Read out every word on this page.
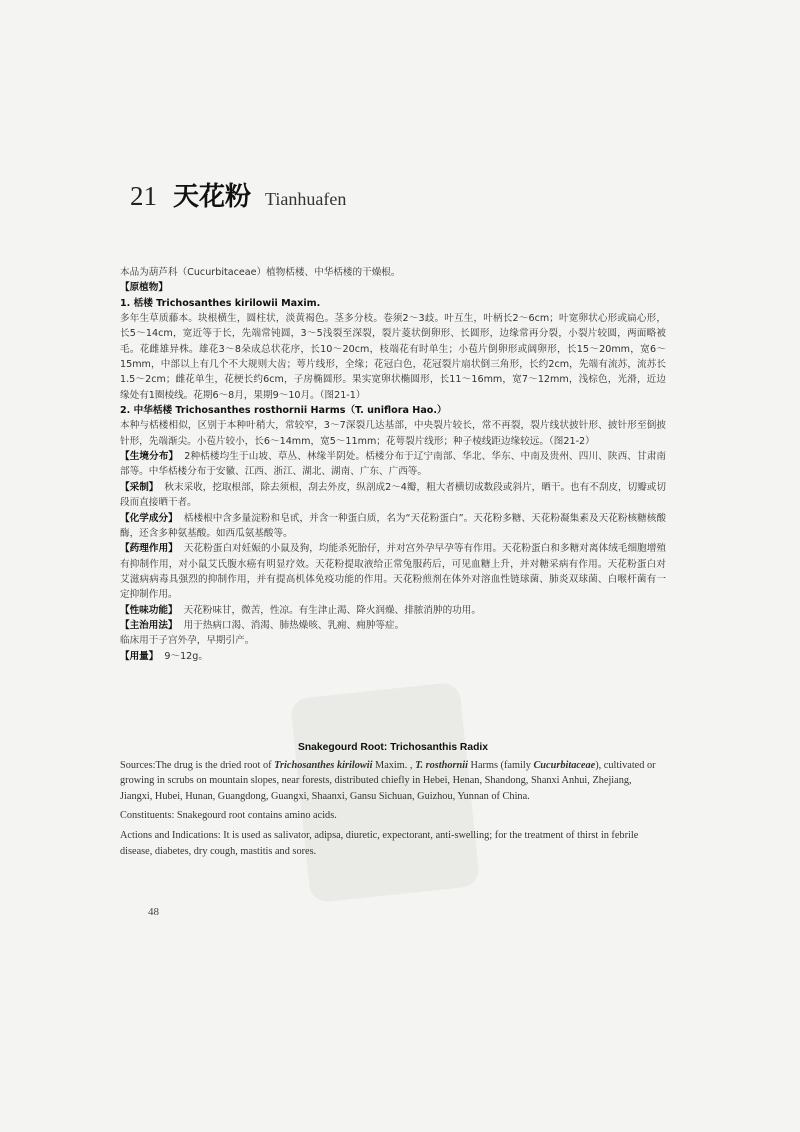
21 天花粉 Tianhuafen

本品为葫芦科（Cucurbitaceae）植物栝楼、中华栝楼的干燥根。

【原植物】

1. 栝楼 Trichosanthes kirilowii Maxim.

多年生草质藤本。块根横生，圆柱状，淡黄褐色。茎多分枝。卷须2～3歧。叶互生，叶柄长2～6cm；叶宽卵状心形或扁心形，长5～14cm，宽近等于长，先端常钝圆，3～5浅裂至深裂，裂片菱状倒卵形、长圆形，边缘常再分裂，小裂片较圆，两面略被毛。花雌雄异株。雄花3～8朵成总状花序，长10～20cm，枝端花有时单生；小苞片倒卵形或阔卵形，长15～20mm，宽6～15mm，中部以上有几个不大规则大齿；萼片线形，全缘；花冠白色，花冠裂片扇状倒三角形，长约2cm，先端有流苏，流苏长1.5～2cm；雌花单生，花梗长约6cm，子房椭圆形。果实宽卵状椭圆形，长11～16mm，宽7～12mm，浅棕色，光滑，近边缘处有1圈棱线。花期6～8月，果期9～10月。（图21-1）

2. 中华栝楼 Trichosanthes rosthornii Harms（T. uniflora Hao.）

本种与栝楼相似，区别于本种叶稍大，常较窄，3～7深裂几达基部，中央裂片较长，常不再裂，裂片线状披针形、披针形至倒披针形，先端渐尖。小苞片较小，长6～14mm，宽5～11mm；花萼裂片线形；种子棱线距边缘较远。（图21-2）

【生境分布】 2种栝楼均生于山坡、草丛、林缘半阴处。栝楼分布于辽宁南部、华北、华东、中南及贵州、四川、陕西、甘肃南部等。中华栝楼分布于安徽、江西、浙江、湖北、湖南、广东、广西等。

【采制】 秋末采收，挖取根部，除去须根，刮去外皮，纵剖成2～4瓣，粗大者横切成数段或斜片，晒干。也有不刮皮，切瓣或切段而直接晒干者。

【化学成分】 栝楼根中含多量淀粉和皂甙，并含一种蛋白质，名为“天花粉蛋白”。天花粉多糖、天花粉凝集素及天花粉核糖核酸酶，还含多种氨基酸。如西瓜氨基酸等。

【药理作用】 天花粉蛋白对妊娠的小鼠及狗，均能杀死胎仔，并对宫外孕早孕等有作用。天花粉蛋白和多糖对离体绒毛细胞增殖有抑制作用，对小鼠艾氏腹水癌有明显疗效。天花粉提取液给正常兔服药后，可见血糖上升，并对糖采病有作用。天花粉蛋白对艾滋病病毒具强烈的抑制作用，并有提高机体免疫功能的作用。天花粉煎剂在体外对溶血性链球菌、肺炎双球菌、白喉杆菌有一定抑制作用。

【性味功能】 天花粉味甘，微苦，性凉。有生津止渴、降火润燥、排脓消肿的功用。

【主治用法】 用于热病口渴、消渴、肺热燥咳、乳痈、痈肿等症。

临床用于子宫外孕，早期引产。

【用量】 9～12g。

Snakegourd Root: Trichosanthis Radix

Sources:The drug is the dried root of Trichosanthes kirilowii Maxim. , T. rosthornii Harms (family Cucurbitaceae), cultivated or growing in scrubs on mountain slopes, near forests, distributed chiefly in Hebei, Henan, Shandong, Shanxi Anhui, Zhejiang, Jiangxi, Hubei, Hunan, Guangdong, Guangxi, Shaanxi, Gansu Sichuan, Guizhou, Yunnan of China.

Constituents: Snakegourd root contains amino acids.

Actions and Indications: It is used as salivator, adipsa, diuretic, expectorant, anti-swelling; for the treatment of thirst in febrile disease, diabetes, dry cough, mastitis and sores.

48
